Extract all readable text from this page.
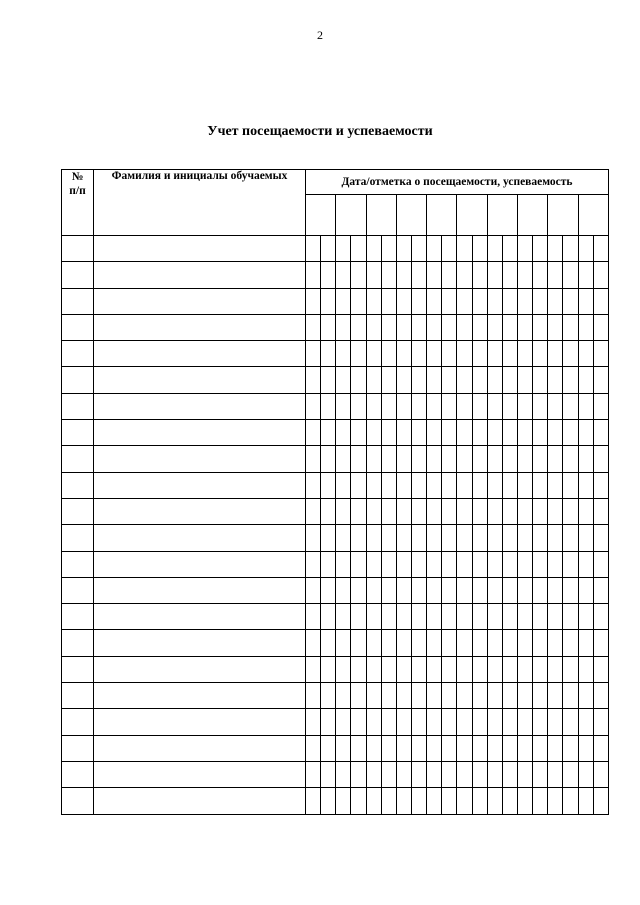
2
Учет посещаемости и успеваемости
№
п/п	Фамилия и инициалы обучаемых	Дата/отметка о посещаемости, успеваемость																			
